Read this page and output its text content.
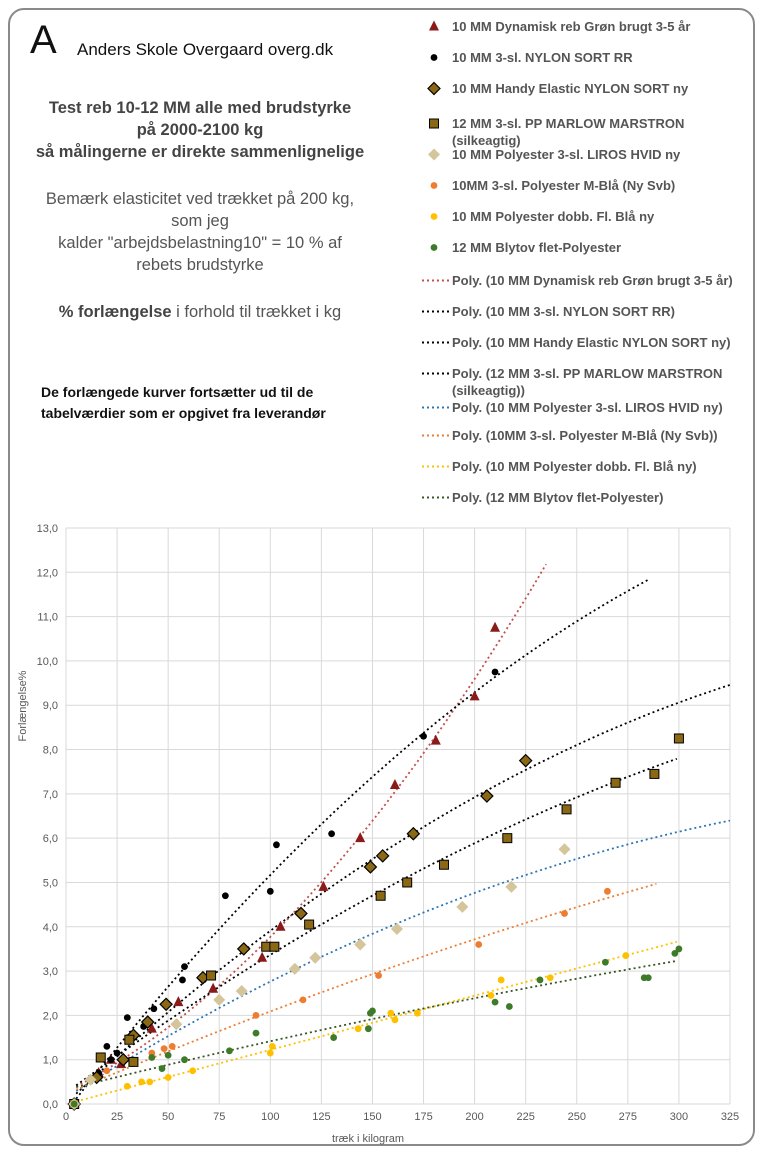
A Anders Skole Overgaard overg.dk
Test reb 10-12 MM alle med brudstyrke
på 2000-2100 kg
så målingerne er direkte sammenlignelige
Bemærk elasticitet ved trækket på 200 kg,
som jeg
kalder "arbejdsbelastning10" = 10 % af
rebets brudstyrke
% forlængelse i forhold til trækket i kg
De forlængede kurver fortsætter ud til de tabelværdier som er opgivet fra leverandør
10 MM Dynamisk reb Grøn brugt 3-5 år
10 MM 3-sl. NYLON SORT RR
10 MM Handy Elastic NYLON SORT ny
12 MM 3-sl. PP MARLOW MARSTRON (silkeagtig)
10 MM Polyester 3-sl. LIROS HVID ny
10MM 3-sl. Polyester M-Blå (Ny Svb)
10 MM Polyester dobb. Fl. Blå ny
12 MM Blytov flet-Polyester
Poly. (10 MM Dynamisk reb Grøn brugt 3-5 år)
Poly. (10 MM 3-sl. NYLON SORT RR)
Poly. (10 MM Handy Elastic NYLON SORT ny)
Poly. (12 MM 3-sl. PP MARLOW MARSTRON (silkeagtig))
Poly. (10 MM Polyester 3-sl. LIROS HVID ny)
Poly. (10MM 3-sl. Polyester M-Blå (Ny Svb))
Poly. (10 MM Polyester dobb. Fl. Blå ny)
Poly. (12 MM Blytov flet-Polyester)
0	25	50	75	100	125	150	175	200	225	250	275	300	325
0,0
1,0
2,0
3,0
4,0
5,0
6,0
7,0
8,0
9,0
10,0
11,0
12,0
13,0
træk i kilogram
Forlængelse%
